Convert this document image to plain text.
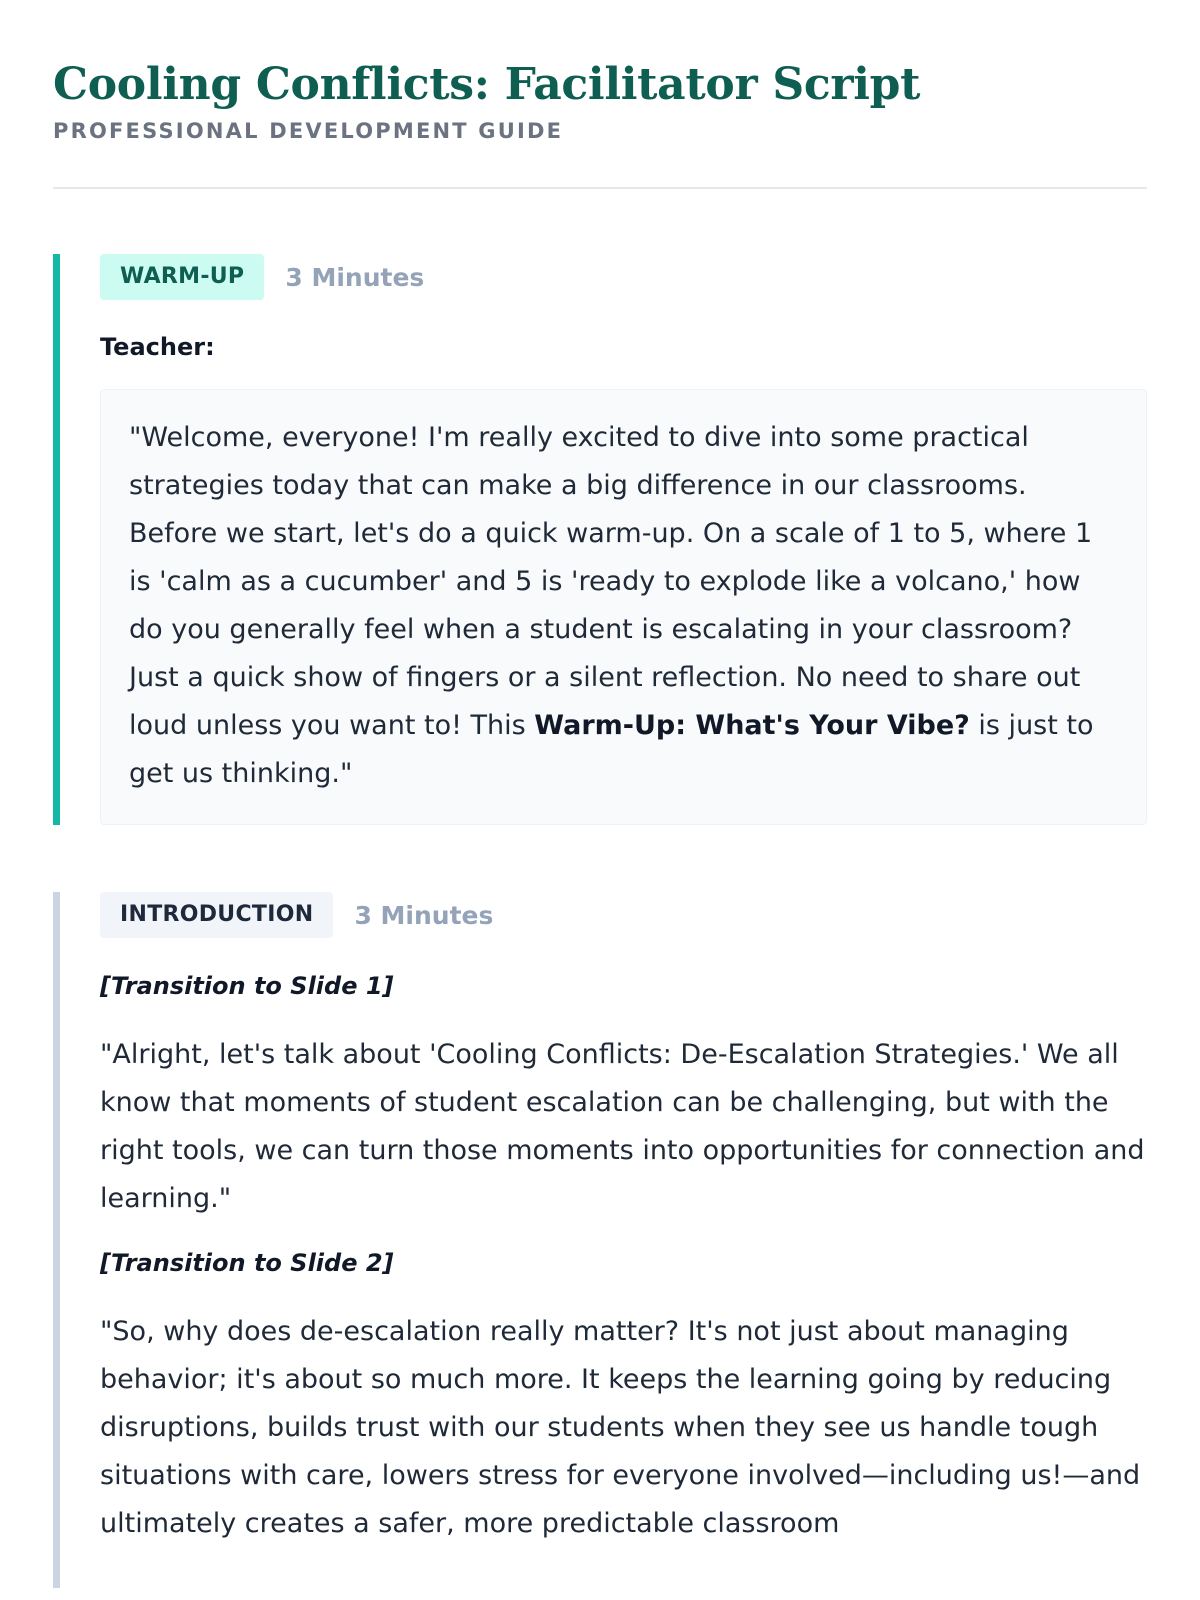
Cooling Conflicts: Facilitator Script
PROFESSIONAL DEVELOPMENT GUIDE
WARM-UP	3 Minutes
Teacher:
"Welcome, everyone! I'm really excited to dive into some practical strategies today that can make a big difference in our classrooms. Before we start, let's do a quick warm-up. On a scale of 1 to 5, where 1 is 'calm as a cucumber' and 5 is 'ready to explode like a volcano,' how do you generally feel when a student is escalating in your classroom? Just a quick show of fingers or a silent reflection. No need to share out loud unless you want to! This Warm-Up: What's Your Vibe? is just to get us thinking."
INTRODUCTION	3 Minutes
[Transition to Slide 1]

"Alright, let's talk about 'Cooling Conflicts: De-Escalation Strategies.' We all know that moments of student escalation can be challenging, but with the right tools, we can turn those moments into opportunities for connection and learning."

[Transition to Slide 2]

"So, why does de-escalation really matter? It's not just about managing behavior; it's about so much more. It keeps the learning going by reducing disruptions, builds trust with our students when they see us handle tough situations with care, lowers stress for everyone involved—including us!—and ultimately creates a safer, more predictable classroom
